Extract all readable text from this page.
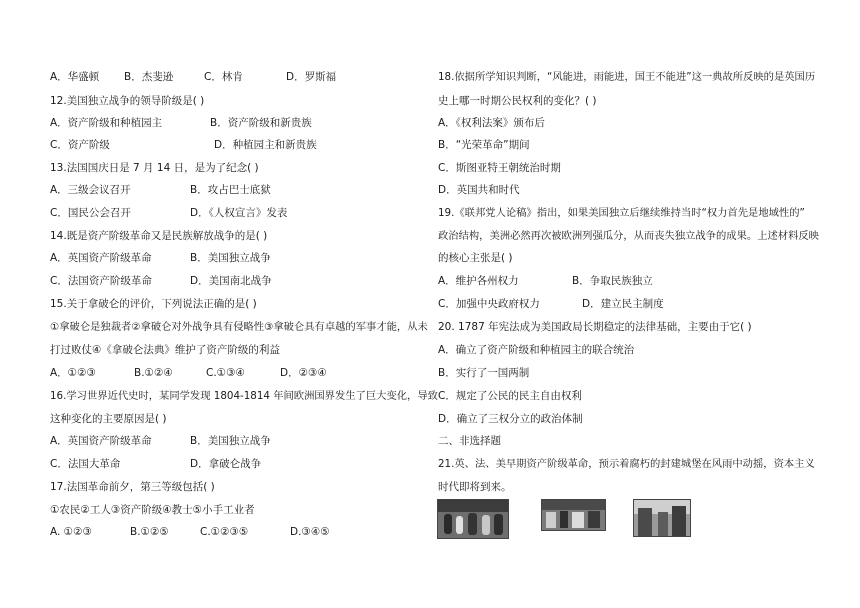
A．华盛顿 B．杰斐逊	C．林肯	D．罗斯福
12.美国独立战争的领导阶级是( )
A．资产阶级和种植园主	B．资产阶级和新贵族
C．资产阶级	D．种植园主和新贵族
13.法国国庆日是 7 月 14 日，是为了纪念( )
A．三级会议召开	B．攻占巴士底狱
C．国民公会召开	D．《人权宣言》发表
14.既是资产阶级革命又是民族解放战争的是( )
A．英国资产阶级革命	B．美国独立战争
C．法国资产阶级革命	D．美国南北战争
15.关于拿破仑的评价，下列说法正确的是( )
①拿破仑是独裁者②拿破仑对外战争具有侵略性③拿破仑具有卓越的军事才能，从未
打过败仗④《拿破仑法典》维护了资产阶级的利益
A．①②③	B.①②④	C.①③④	D．②③④
16.学习世界近代史时，某同学发现 1804-1814 年间欧洲国界发生了巨大变化，导致
这种变化的主要原因是( )
A．英国资产阶级革命	B．美国独立战争
C．法国大革命	D．拿破仑战争
17.法国革命前夕，第三等级包括( )
①农民②工人③资产阶级④教士⑤小手工业者
A. ①②③	B.①②⑤	C.①②③⑤	D.③④⑤
18.依据所学知识判断，“风能进，雨能进，国王不能进”这一典故所反映的是英国历
史上哪一时期公民权利的变化？( )
A．《权利法案》颁布后
B．“光荣革命”期间
C．斯图亚特王朝统治时期
D．英国共和时代
19.《联邦党人论稿》指出，如果美国独立后继续维持当时“权力首先是地域性的”
政治结构，美洲必然再次被欧洲列强瓜分，从而丧失独立战争的成果。上述材料反映
的核心主张是( )
A．维护各州权力	B．争取民族独立
C．加强中央政府权力	D．建立民主制度
20. 1787 年宪法成为美国政局长期稳定的法律基础，主要由于它( )
A．确立了资产阶级和种植园主的联合统治
B．实行了一国两制
C．规定了公民的民主自由权利
D．确立了三权分立的政治体制
二、非选择题
21.英、法、美早期资产阶级革命，预示着腐朽的封建城堡在风雨中动摇，资本主义
时代即将到来。
